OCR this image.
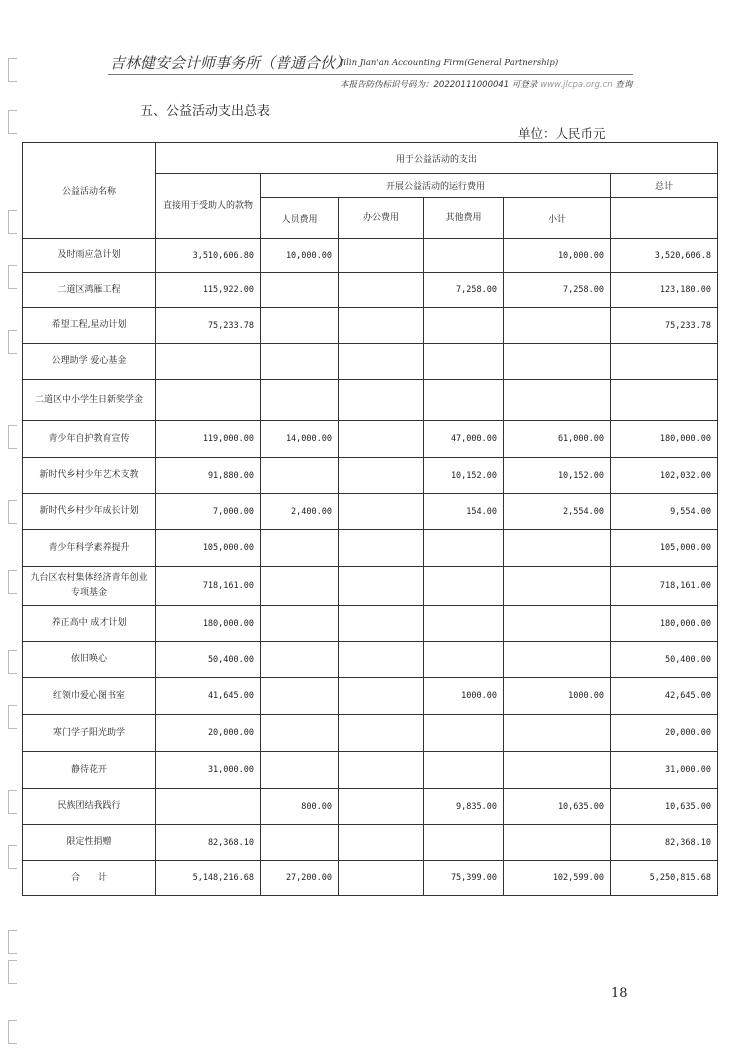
吉林健安会计师事务所（普通合伙）
Jilin Jian'an Accounting Firm(General Partnership)
本报告防伪标识号码为：20220111000041 可登录 www.jlcpa.org.cn 查询
五、公益活动支出总表
单位：人民币元
公益活动名称	用于公益活动的支出					
	直接用于受助人的款物	开展公益活动的运行费用				总计
		人员费用	办公费用	其他费用	小计	
及时雨应急计划	3,510,606.80	10,000.00			10,000.00	3,520,606.8
二道区鸿雁工程	115,922.00			7,258.00	7,258.00	123,180.00
希望工程,星动计划	75,233.78					75,233.78
公理助学 爱心基金						
二道区中小学生日新奖学金						
青少年自护教育宣传	119,000.00	14,000.00		47,000.00	61,000.00	180,000.00
新时代乡村少年艺术支教	91,880.00			10,152.00	10,152.00	102,032.00
新时代乡村少年成长计划	7,000.00	2,400.00		154.00	2,554.00	9,554.00
青少年科学素养提升	105,000.00					105,000.00
九台区农村集体经济青年创业专项基金	718,161.00					718,161.00
养正高中 成才计划	180,000.00					180,000.00
依旧唤心	50,400.00					50,400.00
红领巾爱心图书室	41,645.00			1000.00	1000.00	42,645.00
寒门学子阳光助学	20,000.00					20,000.00
静待花开	31,000.00					31,000.00
民族团结我践行		800.00		9,835.00	10,635.00	10,635.00
限定性捐赠	82,368.10					82,368.10
合　　计	5,148,216.68	27,200.00		75,399.00	102,599.00	5,250,815.68
18
